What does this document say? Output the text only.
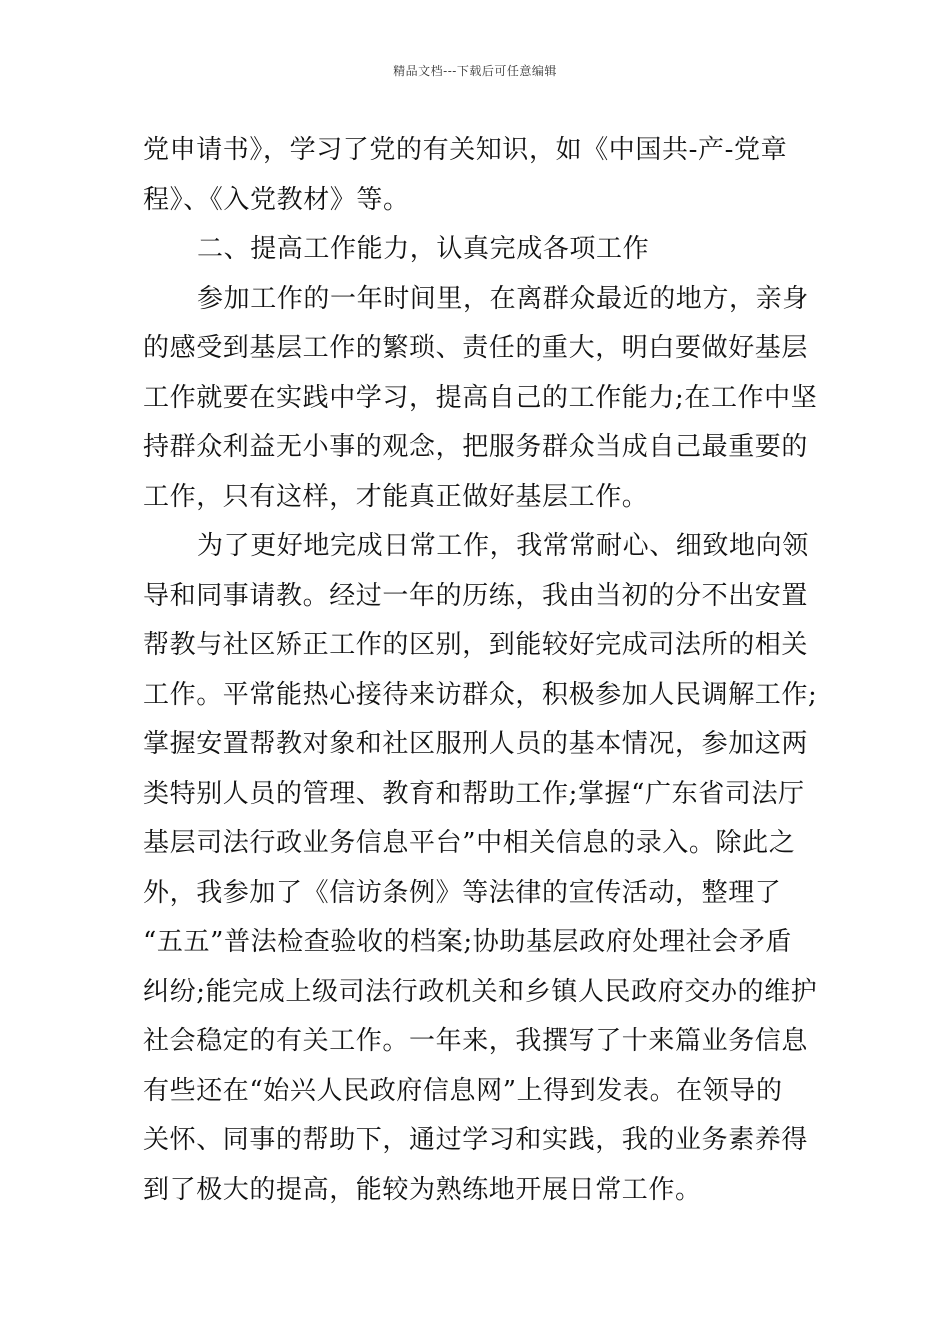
精品文档---下载后可任意编辑
党申请书》，学习了党的有关知识，如《中国共-产-党章
程》、《入党教材》等。
二、提高工作能力，认真完成各项工作
参加工作的一年时间里，在离群众最近的地方，亲身
的感受到基层工作的繁琐、责任的重大，明白要做好基层
工作就要在实践中学习，提高自己的工作能力;在工作中坚
持群众利益无小事的观念，把服务群众当成自己最重要的
工作，只有这样，才能真正做好基层工作。
为了更好地完成日常工作，我常常耐心、细致地向领
导和同事请教。经过一年的历练，我由当初的分不出安置
帮教与社区矫正工作的区别，到能较好完成司法所的相关
工作。平常能热心接待来访群众，积极参加人民调解工作;
掌握安置帮教对象和社区服刑人员的基本情况，参加这两
类特别人员的管理、教育和帮助工作;掌握“广东省司法厅
基层司法行政业务信息平台”中相关信息的录入。除此之
外，我参加了《信访条例》等法律的宣传活动，整理了
“五五”普法检查验收的档案;协助基层政府处理社会矛盾
纠纷;能完成上级司法行政机关和乡镇人民政府交办的维护
社会稳定的有关工作。一年来，我撰写了十来篇业务信息
有些还在“始兴人民政府信息网”上得到发表。在领导的
关怀、同事的帮助下，通过学习和实践，我的业务素养得
到了极大的提高，能较为熟练地开展日常工作。
